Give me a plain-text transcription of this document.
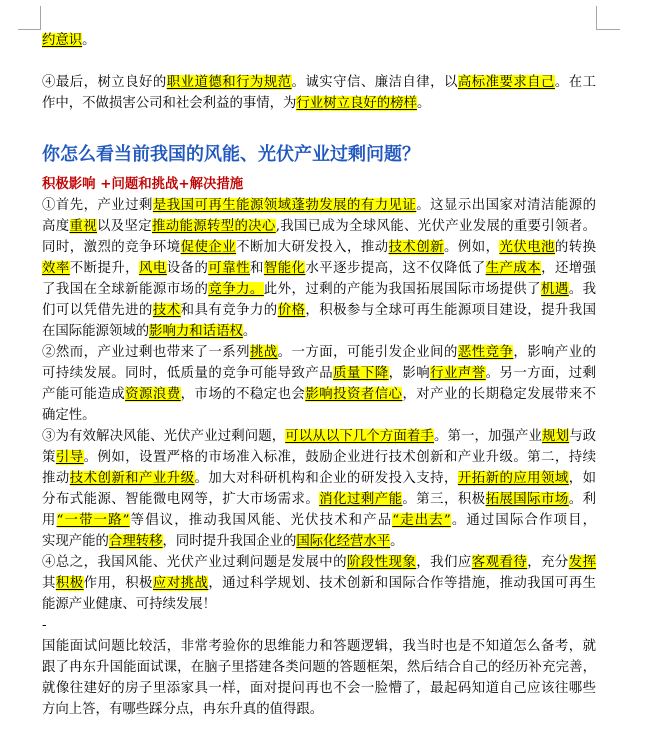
约意识。
④最后，树立良好的职业道德和行为规范。诚实守信、廉洁自律，以高标准要求自己。在工
作中，不做损害公司和社会利益的事情，为行业树立良好的榜样。
你怎么看当前我国的风能、光伏产业过剩问题？
积极影响 +问题和挑战+解决措施
①首先，产业过剩是我国可再生能源领域蓬勃发展的有力见证。这显示出国家对清洁能源的
高度重视以及坚定推动能源转型的决心,我国已成为全球风能、光伏产业发展的重要引领者。
同时，激烈的竞争环境促使企业不断加大研发投入，推动技术创新。例如，光伏电池的转换
效率不断提升，风电设备的可靠性和智能化水平逐步提高，这不仅降低了生产成本，还增强
了我国在全球新能源市场的竞争力。此外，过剩的产能为我国拓展国际市场提供了机遇。我
们可以凭借先进的技术和具有竞争力的价格，积极参与全球可再生能源项目建设，提升我国
在国际能源领域的影响力和话语权。
②然而，产业过剩也带来了一系列挑战。一方面，可能引发企业间的恶性竞争，影响产业的
可持续发展。同时，低质量的竞争可能导致产品质量下降，影响行业声誉。另一方面，过剩
产能可能造成资源浪费，市场的不稳定也会影响投资者信心，对产业的长期稳定发展带来不
确定性。
③为有效解决风能、光伏产业过剩问题，可以从以下几个方面着手。第一，加强产业规划与政
策引导。例如，设置严格的市场准入标准，鼓励企业进行技术创新和产业升级。第二，持续
推动技术创新和产业升级。加大对科研机构和企业的研发投入支持，开拓新的应用领域，如
分布式能源、智能微电网等，扩大市场需求。消化过剩产能。第三，积极拓展国际市场。利
用“一带一路”等倡议，推动我国风能、光伏技术和产品“走出去”。通过国际合作项目，
实现产能的合理转移，同时提升我国企业的国际化经营水平。
④总之，我国风能、光伏产业过剩问题是发展中的阶段性现象，我们应客观看待，充分发挥
其积极作用，积极应对挑战，通过科学规划、技术创新和国际合作等措施，推动我国可再生
能源产业健康、可持续发展！
-
国能面试问题比较活，非常考验你的思维能力和答题逻辑，我当时也是不知道怎么备考，就
跟了冉东升国能面试课，在脑子里搭建各类问题的答题框架，然后结合自己的经历补充完善，
就像往建好的房子里添家具一样，面对提问再也不会一脸懵了，最起码知道自己应该往哪些
方向上答，有哪些踩分点，冉东升真的值得跟。
